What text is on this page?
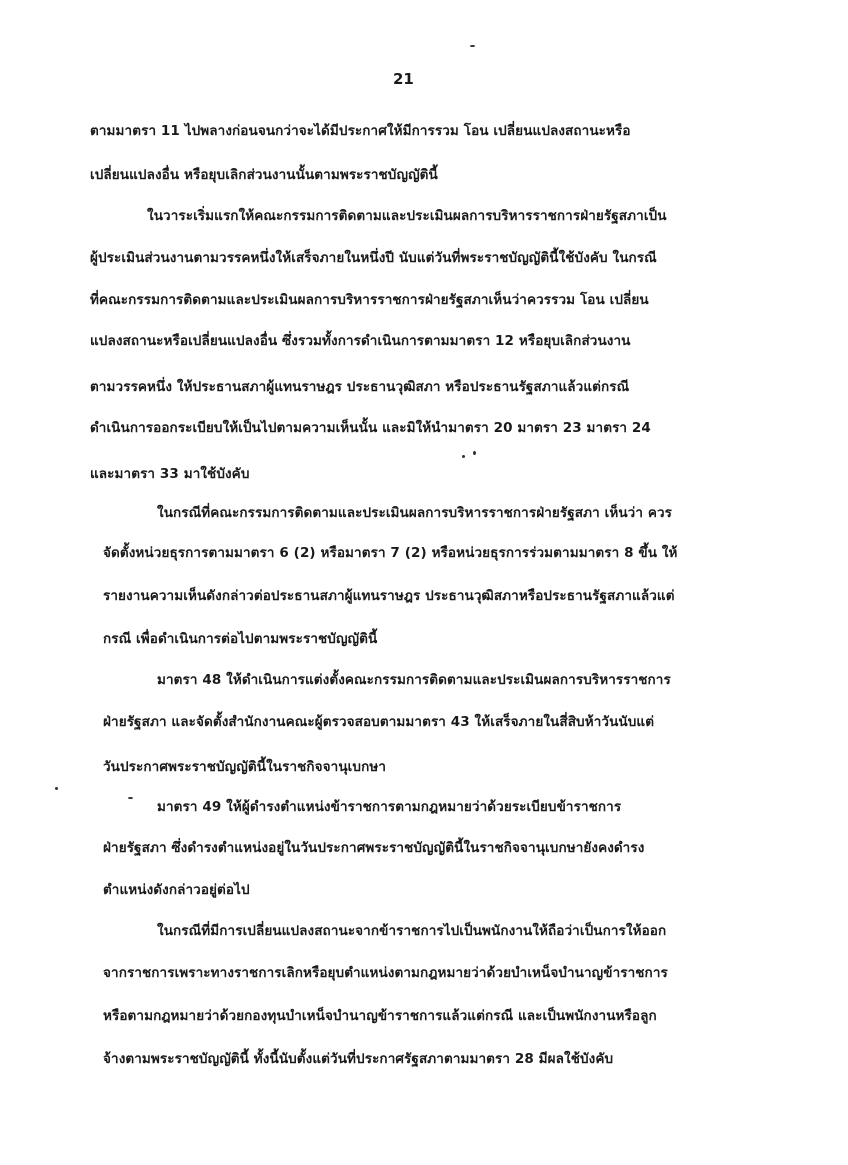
21
ตามมาตรา 11 ไปพลางก่อนจนกว่าจะได้มีประกาศให้มีการรวม โอน เปลี่ยนแปลงสถานะหรือ
เปลี่ยนแปลงอื่น หรือยุบเลิกส่วนงานนั้นตามพระราชบัญญัตินี้
ในวาระเริ่มแรกให้คณะกรรมการติดตามและประเมินผลการบริหารราชการฝ่ายรัฐสภาเป็น
ผู้ประเมินส่วนงานตามวรรคหนึ่งให้เสร็จภายในหนึ่งปี นับแต่วันที่พระราชบัญญัตินี้ใช้บังคับ ในกรณี
ที่คณะกรรมการติดตามและประเมินผลการบริหารราชการฝ่ายรัฐสภาเห็นว่าควรรวม โอน เปลี่ยน
แปลงสถานะหรือเปลี่ยนแปลงอื่น ซึ่งรวมทั้งการดำเนินการตามมาตรา 12 หรือยุบเลิกส่วนงาน
ตามวรรคหนึ่ง ให้ประธานสภาผู้แทนราษฎร ประธานวุฒิสภา หรือประธานรัฐสภาแล้วแต่กรณี
ดำเนินการออกระเบียบให้เป็นไปตามความเห็นนั้น และมิให้นำมาตรา 20 มาตรา 23 มาตรา 24
และมาตรา 33 มาใช้บังคับ
ในกรณีที่คณะกรรมการติดตามและประเมินผลการบริหารราชการฝ่ายรัฐสภา เห็นว่า ควร
จัดตั้งหน่วยธุรการตามมาตรา 6 (2) หรือมาตรา 7 (2) หรือหน่วยธุรการร่วมตามมาตรา 8 ขึ้น ให้
รายงานความเห็นดังกล่าวต่อประธานสภาผู้แทนราษฎร ประธานวุฒิสภาหรือประธานรัฐสภาแล้วแต่
กรณี เพื่อดำเนินการต่อไปตามพระราชบัญญัตินี้
มาตรา 48 ให้ดำเนินการแต่งตั้งคณะกรรมการติดตามและประเมินผลการบริหารราชการ
ฝ่ายรัฐสภา และจัดตั้งสำนักงานคณะผู้ตรวจสอบตามมาตรา 43 ให้เสร็จภายในสี่สิบห้าวันนับแต่
วันประกาศพระราชบัญญัตินี้ในราชกิจจานุเบกษา
มาตรา 49 ให้ผู้ดำรงตำแหน่งข้าราชการตามกฎหมายว่าด้วยระเบียบข้าราชการ
ฝ่ายรัฐสภา ซึ่งดำรงตำแหน่งอยู่ในวันประกาศพระราชบัญญัตินี้ในราชกิจจานุเบกษายังคงดำรง
ตำแหน่งดังกล่าวอยู่ต่อไป
ในกรณีที่มีการเปลี่ยนแปลงสถานะจากข้าราชการไปเป็นพนักงานให้ถือว่าเป็นการให้ออก
จากราชการเพราะทางราชการเลิกหรือยุบตำแหน่งตามกฎหมายว่าด้วยบำเหน็จบำนาญข้าราชการ
หรือตามกฎหมายว่าด้วยกองทุนบำเหน็จบำนาญข้าราชการแล้วแต่กรณี และเป็นพนักงานหรือลูก
จ้างตามพระราชบัญญัตินี้ ทั้งนี้นับตั้งแต่วันที่ประกาศรัฐสภาตามมาตรา 28 มีผลใช้บังคับ
